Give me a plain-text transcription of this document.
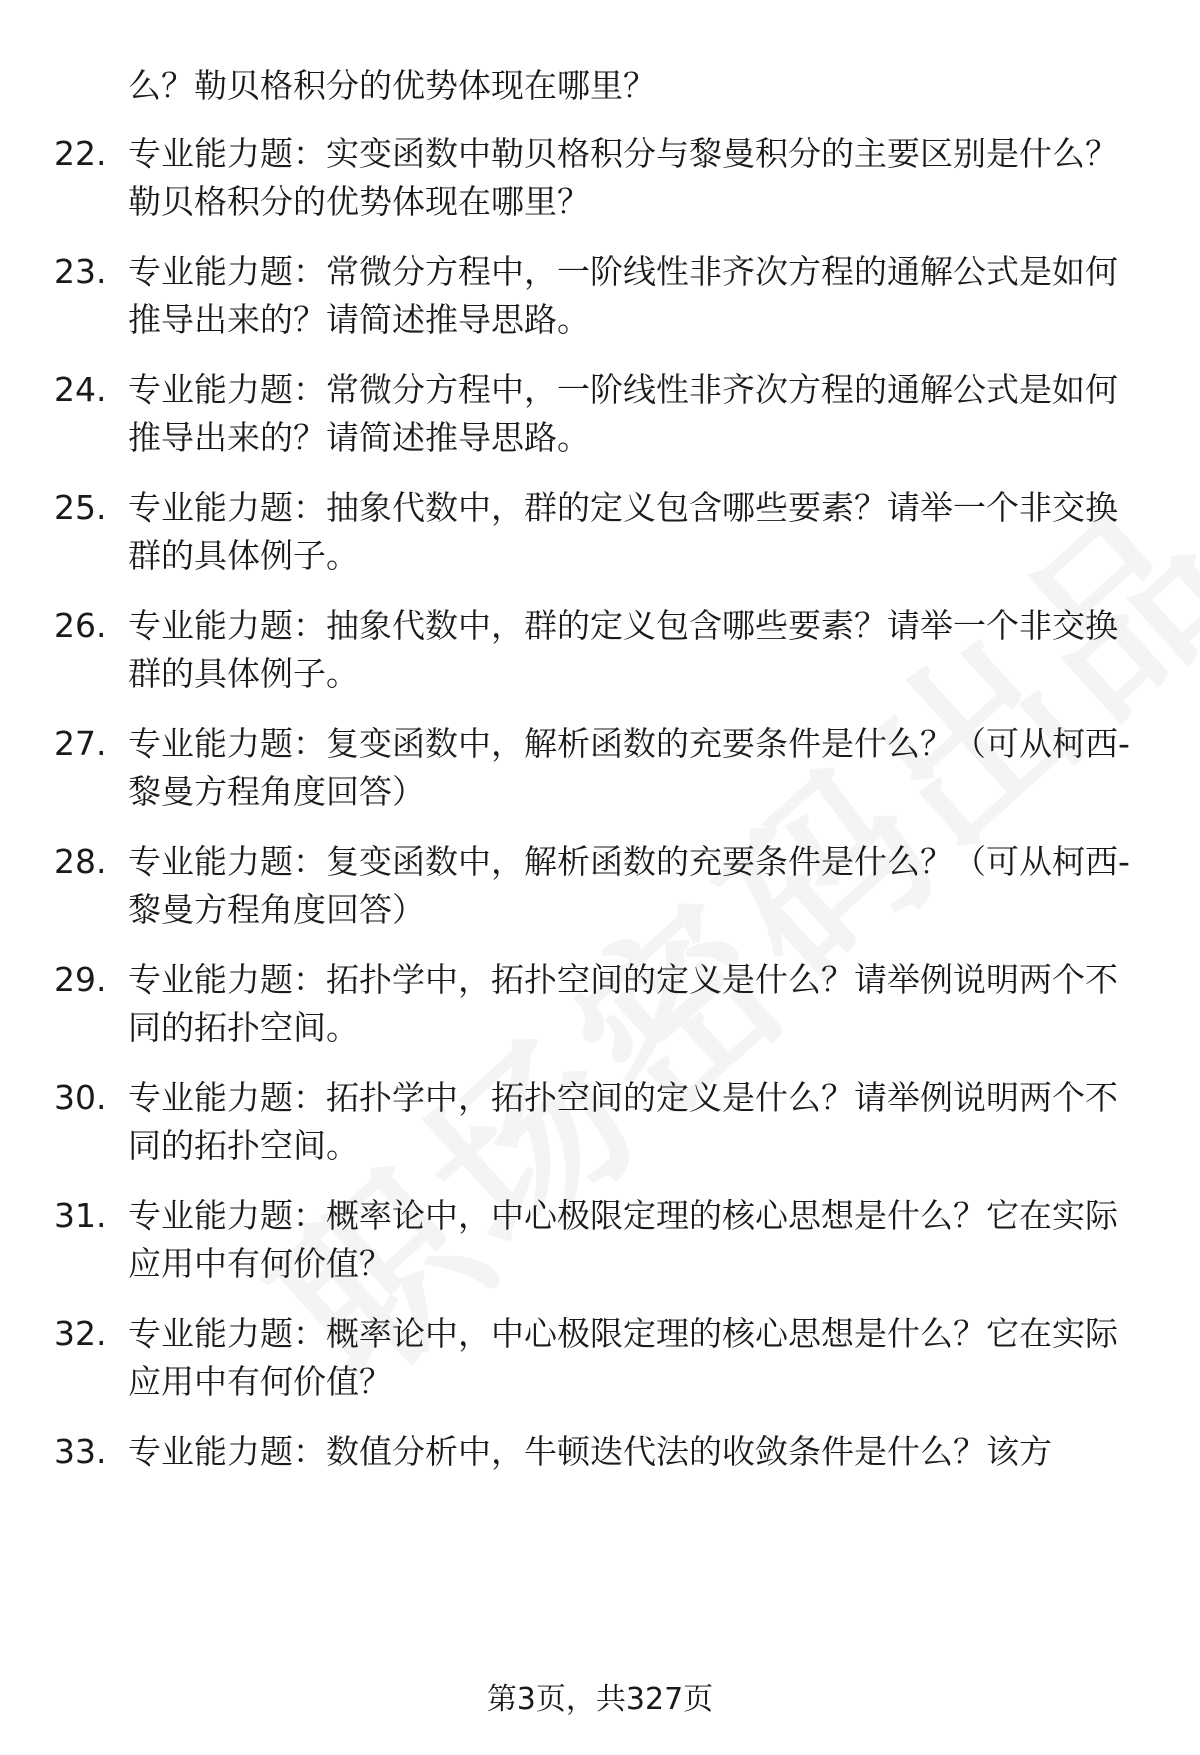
么？勒贝格积分的优势体现在哪里？
22. 专业能力题：实变函数中勒贝格积分与黎曼积分的主要区别是什么？勒贝格积分的优势体现在哪里？
23. 专业能力题：常微分方程中，一阶线性非齐次方程的通解公式是如何推导出来的？请简述推导思路。
24. 专业能力题：常微分方程中，一阶线性非齐次方程的通解公式是如何推导出来的？请简述推导思路。
25. 专业能力题：抽象代数中，群的定义包含哪些要素？请举一个非交换群的具体例子。
26. 专业能力题：抽象代数中，群的定义包含哪些要素？请举一个非交换群的具体例子。
27. 专业能力题：复变函数中，解析函数的充要条件是什么？（可从柯西-黎曼方程角度回答）
28. 专业能力题：复变函数中，解析函数的充要条件是什么？（可从柯西-黎曼方程角度回答）
29. 专业能力题：拓扑学中，拓扑空间的定义是什么？请举例说明两个不同的拓扑空间。
30. 专业能力题：拓扑学中，拓扑空间的定义是什么？请举例说明两个不同的拓扑空间。
31. 专业能力题：概率论中，中心极限定理的核心思想是什么？它在实际应用中有何价值？
32. 专业能力题：概率论中，中心极限定理的核心思想是什么？它在实际应用中有何价值？
33. 专业能力题：数值分析中，牛顿迭代法的收敛条件是什么？该方
第3页，共327页
